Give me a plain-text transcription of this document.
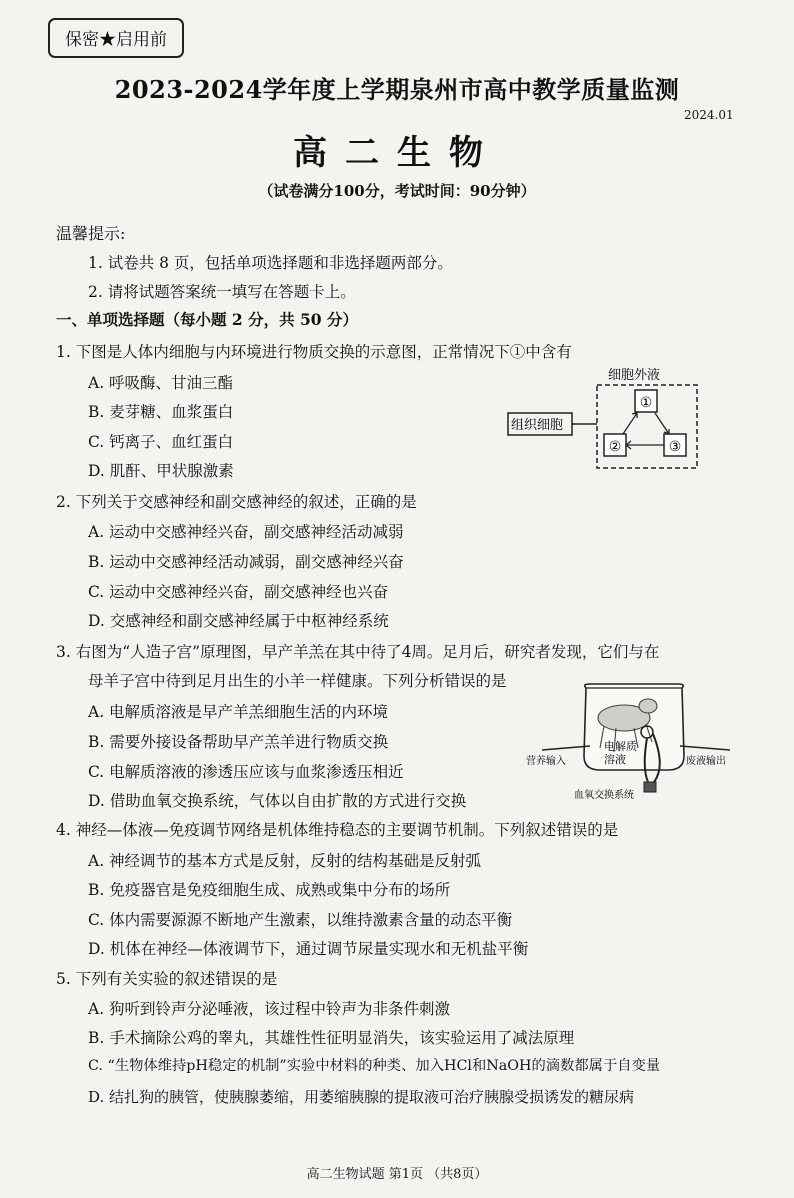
保密★启用前
2023-2024学年度上学期泉州市高中教学质量监测
2024.01
高二生物
（试卷满分100分，考试时间：90分钟）
温馨提示:
1. 试卷共 8 页，包括单项选择题和非选择题两部分。
2. 请将试题答案统一填写在答题卡上。
一、单项选择题（每小题 2 分，共 50 分）
1. 下图是人体内细胞与内环境进行物质交换的示意图，正常情况下①中含有
A. 呼吸酶、甘油三酯
B. 麦芽糖、血浆蛋白
C. 钙离子、血红蛋白
D. 肌酐、甲状腺激素
细胞外液
组织细胞
①
②	③
2. 下列关于交感神经和副交感神经的叙述，正确的是
A. 运动中交感神经兴奋，副交感神经活动减弱
B. 运动中交感神经活动减弱，副交感神经兴奋
C. 运动中交感神经兴奋，副交感神经也兴奋
D. 交感神经和副交感神经属于中枢神经系统
3. 右图为“人造子宫”原理图，早产羊羔在其中待了4周。足月后，研究者发现，它们与在
母羊子宫中待到足月出生的小羊一样健康。下列分析错误的是
A. 电解质溶液是早产羊羔细胞生活的内环境
B. 需要外接设备帮助早产羔羊进行物质交换
C. 电解质溶液的渗透压应该与血浆渗透压相近
D. 借助血氧交换系统，气体以自由扩散的方式进行交换
电解质
溶液
营养输入	废液输出
血氧交换系统
4. 神经—体液—免疫调节网络是机体维持稳态的主要调节机制。下列叙述错误的是
A. 神经调节的基本方式是反射，反射的结构基础是反射弧
B. 免疫器官是免疫细胞生成、成熟或集中分布的场所
C. 体内需要源源不断地产生激素，以维持激素含量的动态平衡
D. 机体在神经—体液调节下，通过调节尿量实现水和无机盐平衡
5. 下列有关实验的叙述错误的是
A. 狗听到铃声分泌唾液，该过程中铃声为非条件刺激
B. 手术摘除公鸡的睾丸，其雄性性征明显消失，该实验运用了减法原理
C. “生物体维持pH稳定的机制”实验中材料的种类、加入HCl和NaOH的滴数都属于自变量
D. 结扎狗的胰管，使胰腺萎缩，用萎缩胰腺的提取液可治疗胰腺受损诱发的糖尿病
高二生物试题 第1页 （共8页）
